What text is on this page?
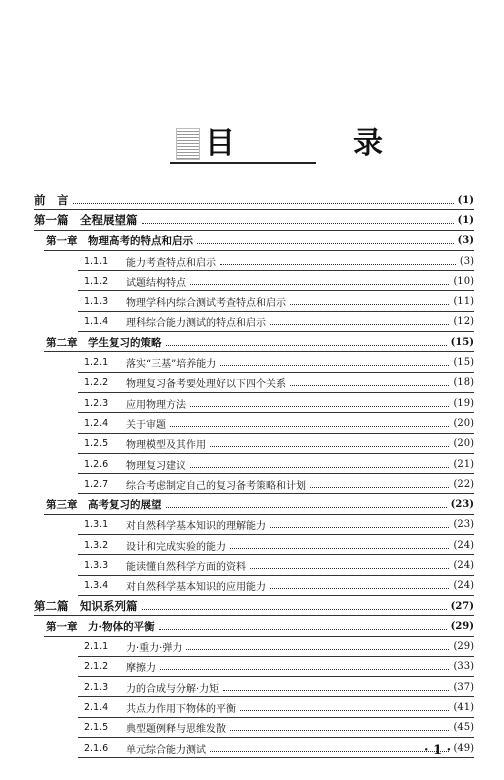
目　录
前　言	(1)
第一篇　全程展望篇	(1)
第一章　物理高考的特点和启示	(3)
1.1.1	能力考查特点和启示	(3)
1.1.2	试题结构特点	(10)
1.1.3	物理学科内综合测试考查特点和启示	(11)
1.1.4	理科综合能力测试的特点和启示	(12)
第二章　学生复习的策略	(15)
1.2.1	落实“三基”培养能力	(15)
1.2.2	物理复习备考要处理好以下四个关系	(18)
1.2.3	应用物理方法	(19)
1.2.4	关于审题	(20)
1.2.5	物理模型及其作用	(20)
1.2.6	物理复习建议	(21)
1.2.7	综合考虑制定自己的复习备考策略和计划	(22)
第三章　高考复习的展望	(23)
1.3.1	对自然科学基本知识的理解能力	(23)
1.3.2	设计和完成实验的能力	(24)
1.3.3	能读懂自然科学方面的资料	(24)
1.3.4	对自然科学基本知识的应用能力	(24)
第二篇　知识系列篇	(27)
第一章　力·物体的平衡	(29)
2.1.1	力·重力·弹力	(29)
2.1.2	摩擦力	(33)
2.1.3	力的合成与分解·力矩	(37)
2.1.4	共点力作用下物体的平衡	(41)
2.1.5	典型题例释与思维发散	(45)
2.1.6	单元综合能力测试	(49)
· 1 ·
